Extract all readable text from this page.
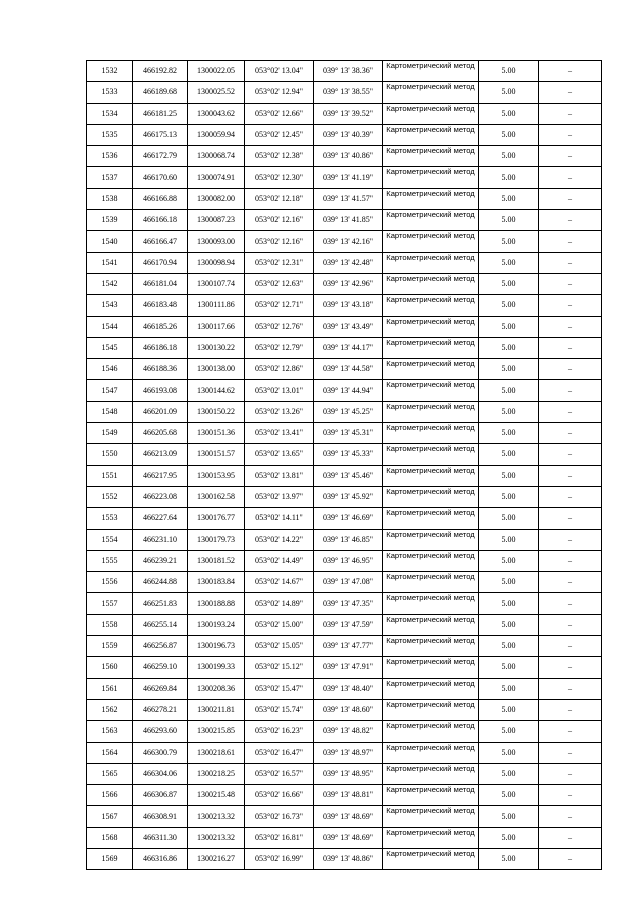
1532	466192.82	1300022.05	053°02' 13.04"	039° 13' 38.36"	Картометрический метод	5.00	–
1533	466189.68	1300025.52	053°02' 12.94"	039° 13' 38.55"	Картометрический метод	5.00	–
1534	466181.25	1300043.62	053°02' 12.66"	039° 13' 39.52"	Картометрический метод	5.00	–
1535	466175.13	1300059.94	053°02' 12.45"	039° 13' 40.39"	Картометрический метод	5.00	–
1536	466172.79	1300068.74	053°02' 12.38"	039° 13' 40.86"	Картометрический метод	5.00	–
1537	466170.60	1300074.91	053°02' 12.30"	039° 13' 41.19"	Картометрический метод	5.00	–
1538	466166.88	1300082.00	053°02' 12.18"	039° 13' 41.57"	Картометрический метод	5.00	–
1539	466166.18	1300087.23	053°02' 12.16"	039° 13' 41.85"	Картометрический метод	5.00	–
1540	466166.47	1300093.00	053°02' 12.16"	039° 13' 42.16"	Картометрический метод	5.00	–
1541	466170.94	1300098.94	053°02' 12.31"	039° 13' 42.48"	Картометрический метод	5.00	–
1542	466181.04	1300107.74	053°02' 12.63"	039° 13' 42.96"	Картометрический метод	5.00	–
1543	466183.48	1300111.86	053°02' 12.71"	039° 13' 43.18"	Картометрический метод	5.00	–
1544	466185.26	1300117.66	053°02' 12.76"	039° 13' 43.49"	Картометрический метод	5.00	–
1545	466186.18	1300130.22	053°02' 12.79"	039° 13' 44.17"	Картометрический метод	5.00	–
1546	466188.36	1300138.00	053°02' 12.86"	039° 13' 44.58"	Картометрический метод	5.00	–
1547	466193.08	1300144.62	053°02' 13.01"	039° 13' 44.94"	Картометрический метод	5.00	–
1548	466201.09	1300150.22	053°02' 13.26"	039° 13' 45.25"	Картометрический метод	5.00	–
1549	466205.68	1300151.36	053°02' 13.41"	039° 13' 45.31"	Картометрический метод	5.00	–
1550	466213.09	1300151.57	053°02' 13.65"	039° 13' 45.33"	Картометрический метод	5.00	–
1551	466217.95	1300153.95	053°02' 13.81"	039° 13' 45.46"	Картометрический метод	5.00	–
1552	466223.08	1300162.58	053°02' 13.97"	039° 13' 45.92"	Картометрический метод	5.00	–
1553	466227.64	1300176.77	053°02' 14.11"	039° 13' 46.69"	Картометрический метод	5.00	–
1554	466231.10	1300179.73	053°02' 14.22"	039° 13' 46.85"	Картометрический метод	5.00	–
1555	466239.21	1300181.52	053°02' 14.49"	039° 13' 46.95"	Картометрический метод	5.00	–
1556	466244.88	1300183.84	053°02' 14.67"	039° 13' 47.08"	Картометрический метод	5.00	–
1557	466251.83	1300188.88	053°02' 14.89"	039° 13' 47.35"	Картометрический метод	5.00	–
1558	466255.14	1300193.24	053°02' 15.00"	039° 13' 47.59"	Картометрический метод	5.00	–
1559	466256.87	1300196.73	053°02' 15.05"	039° 13' 47.77"	Картометрический метод	5.00	–
1560	466259.10	1300199.33	053°02' 15.12"	039° 13' 47.91"	Картометрический метод	5.00	–
1561	466269.84	1300208.36	053°02' 15.47"	039° 13' 48.40"	Картометрический метод	5.00	–
1562	466278.21	1300211.81	053°02' 15.74"	039° 13' 48.60"	Картометрический метод	5.00	–
1563	466293.60	1300215.85	053°02' 16.23"	039° 13' 48.82"	Картометрический метод	5.00	–
1564	466300.79	1300218.61	053°02' 16.47"	039° 13' 48.97"	Картометрический метод	5.00	–
1565	466304.06	1300218.25	053°02' 16.57"	039° 13' 48.95"	Картометрический метод	5.00	–
1566	466306.87	1300215.48	053°02' 16.66"	039° 13' 48.81"	Картометрический метод	5.00	–
1567	466308.91	1300213.32	053°02' 16.73"	039° 13' 48.69"	Картометрический метод	5.00	–
1568	466311.30	1300213.32	053°02' 16.81"	039° 13' 48.69"	Картометрический метод	5.00	–
1569	466316.86	1300216.27	053°02' 16.99"	039° 13' 48.86"	Картометрический метод	5.00	–
